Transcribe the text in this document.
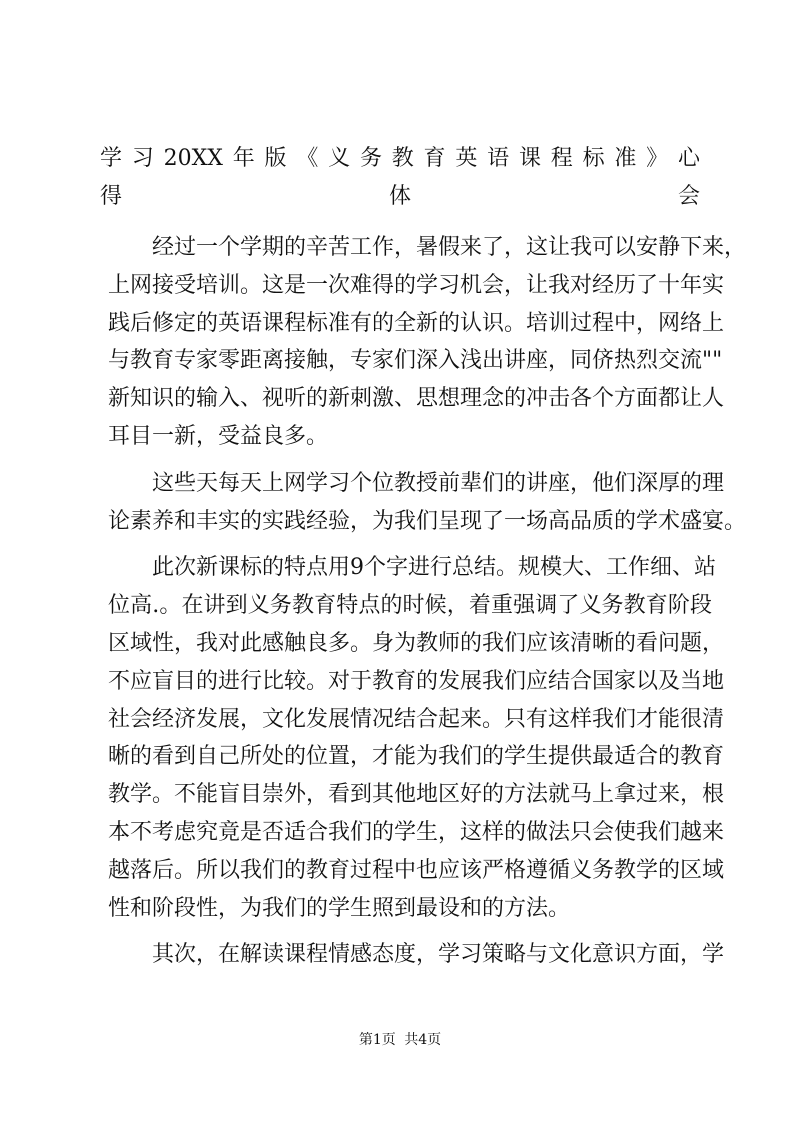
学习20XX年版《义务教育英语课程标准》心
得体会
经过一个学期的辛苦工作，暑假来了，这让我可以安静下来，
上网接受培训。这是一次难得的学习机会，让我对经历了十年实
践后修定的英语课程标准有的全新的认识。培训过程中，网络上
与教育专家零距离接触，专家们深入浅出讲座，同侪热烈交流""
新知识的输入、视听的新刺激、思想理念的冲击各个方面都让人
耳目一新，受益良多。
这些天每天上网学习个位教授前辈们的讲座，他们深厚的理
论素养和丰实的实践经验，为我们呈现了一场高品质的学术盛宴。
此次新课标的特点用9个字进行总结。规模大、工作细、站
位高.。在讲到义务教育特点的时候，着重强调了义务教育阶段
区域性，我对此感触良多。身为教师的我们应该清晰的看问题，
不应盲目的进行比较。对于教育的发展我们应结合国家以及当地
社会经济发展，文化发展情况结合起来。只有这样我们才能很清
晰的看到自己所处的位置，才能为我们的学生提供最适合的教育
教学。不能盲目崇外，看到其他地区好的方法就马上拿过来，根
本不考虑究竟是否适合我们的学生，这样的做法只会使我们越来
越落后。所以我们的教育过程中也应该严格遵循义务教学的区域
性和阶段性，为我们的学生照到最设和的方法。
其次，在解读课程情感态度，学习策略与文化意识方面，学
第1页 共4页
